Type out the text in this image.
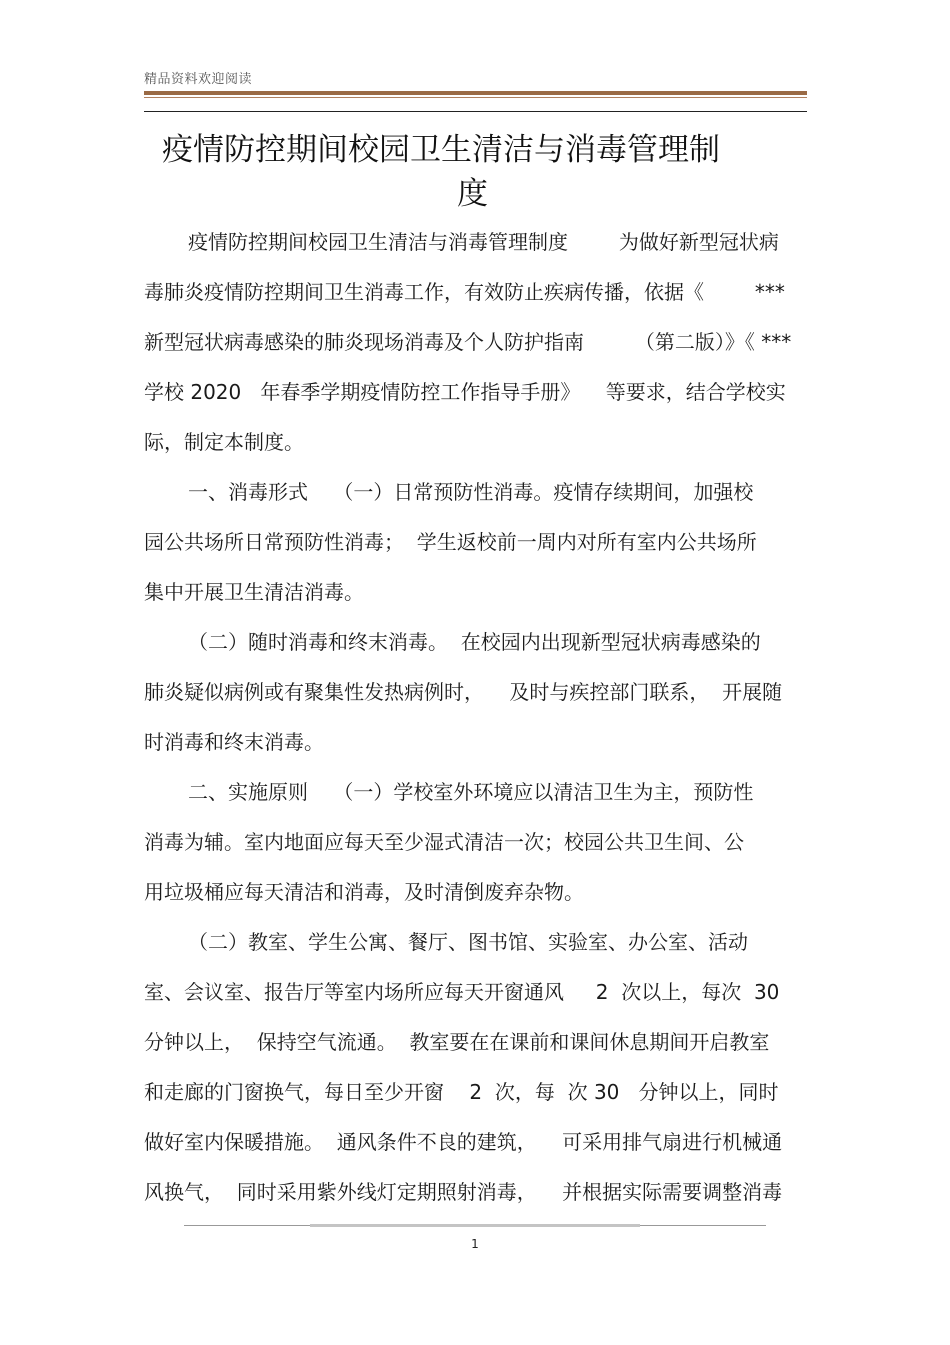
精品资料欢迎阅读
疫情防控期间校园卫生清洁与消毒管理制
度
疫情防控期间校园卫生清洁与消毒管理制度        为做好新型冠状病
毒肺炎疫情防控期间卫生消毒工作，有效防止疾病传播，依据《        ***
新型冠状病毒感染的肺炎现场消毒及个人防护指南        （第二版）》《 ***
学校 2020   年春季学期疫情防控工作指导手册》    等要求，结合学校实
际，制定本制度。
一、消毒形式    （一）日常预防性消毒。疫情存续期间，加强校
园公共场所日常预防性消毒；  学生返校前一周内对所有室内公共场所
集中开展卫生清洁消毒。
（二）随时消毒和终末消毒。  在校园内出现新型冠状病毒感染的
肺炎疑似病例或有聚集性发热病例时，    及时与疾控部门联系，  开展随
时消毒和终末消毒。
二、实施原则    （一）学校室外环境应以清洁卫生为主，预防性
消毒为辅。室内地面应每天至少湿式清洁一次；校园公共卫生间、公
用垃圾桶应每天清洁和消毒，及时清倒废弃杂物。
（二）教室、学生公寓、餐厅、图书馆、实验室、办公室、活动
室、会议室、报告厅等室内场所应每天开窗通风     2  次以上，每次  30
分钟以上，  保持空气流通。  教室要在在课前和课间休息期间开启教室
和走廊的门窗换气，每日至少开窗    2  次，每  次 30   分钟以上，同时
做好室内保暖措施。  通风条件不良的建筑，    可采用排气扇进行机械通
风换气，  同时采用紫外线灯定期照射消毒，    并根据实际需要调整消毒
1
